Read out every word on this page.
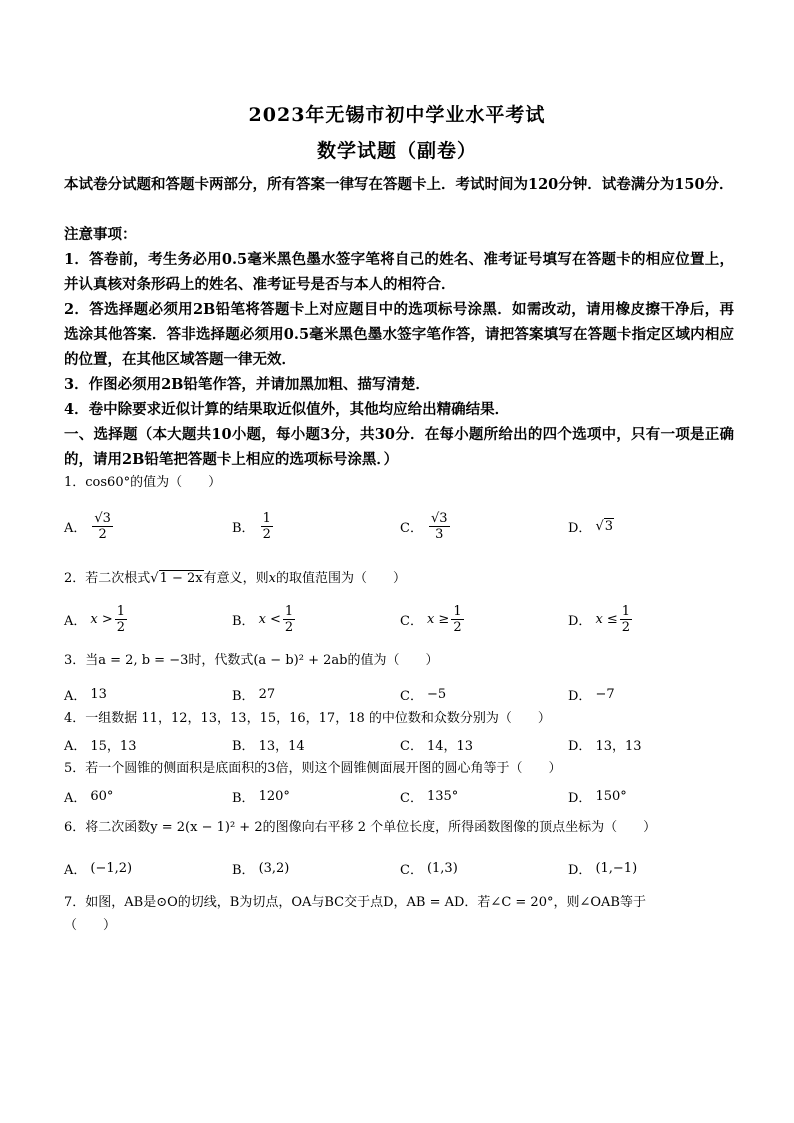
2023年无锡市初中学业水平考试
数学试题（副卷）
本试卷分试题和答题卡两部分，所有答案一律写在答题卡上．考试时间为120分钟．试卷满分为150分．
注意事项：
1．答卷前，考生务必用0.5毫米黑色墨水签字笔将自己的姓名、准考证号填写在答题卡的相应位置上，并认真核对条形码上的姓名、准考证号是否与本人的相符合．
2．答选择题必须用2B铅笔将答题卡上对应题目中的选项标号涂黑．如需改动，请用橡皮擦干净后，再选涂其他答案．答非选择题必须用0.5毫米黑色墨水签字笔作答，请把答案填写在答题卡指定区域内相应的位置，在其他区域答题一律无效．
3．作图必须用2B铅笔作答，并请加黑加粗、描写清楚．
4．卷中除要求近似计算的结果取近似值外，其他均应给出精确结果．
一、选择题（本大题共10小题，每小题3分，共30分．在每小题所给出的四个选项中，只有一项是正确的，请用2B铅笔把答题卡上相应的选项标号涂黑．）
1．cos60°的值为（　　）
A． $\frac{√3}{2}$	B． $\frac{1}{2}$	C． $\frac{√3}{3}$	D． √3
2．若二次根式√1 − 2x有意义，则x的取值范围为（　　）
A． $x > \frac{1}{2}$	B． $x < \frac{1}{2}$	C． $x \ge \frac{1}{2}$	D． $x \le \frac{1}{2}$
3．当a = 2, b = −3时，代数式(a − b)² + 2ab的值为（　　）
A． 13	B． 27	C． −5	D． −7
4．一组数据 11，12，13，13，15，16，17，18 的中位数和众数分别为（　　）
A． 15，13	B． 13，14	C． 14，13	D． 13，13
5．若一个圆锥的侧面积是底面积的3倍，则这个圆锥侧面展开图的圆心角等于（　　）
A． 60°	B． 120°	C． 135°	D． 150°
6．将二次函数y = 2(x − 1)² + 2的图像向右平移 2 个单位长度，所得函数图像的顶点坐标为（　　）
A． (−1,2)	B． (3,2)	C． (1,3)	D． (1,−1)
7．如图，AB是⊙O的切线，B为切点，OA与BC交于点D，AB = AD．若∠C = 20°，则∠OAB等于
（　　）
